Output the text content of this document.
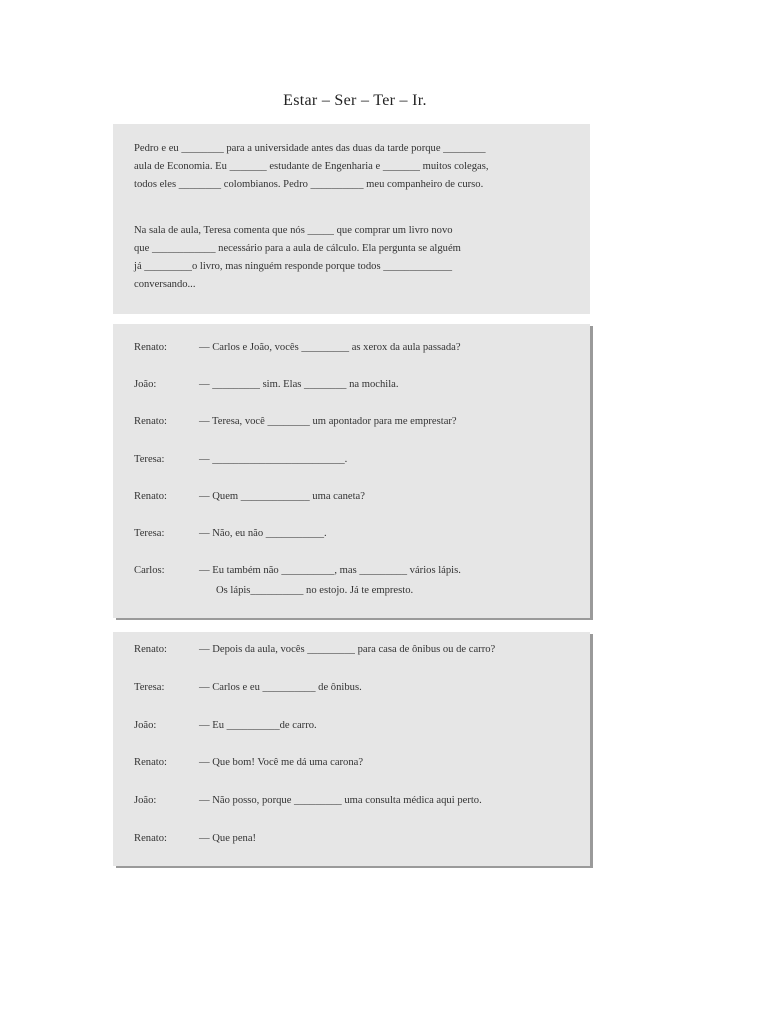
Estar – Ser – Ter – Ir.
Pedro e eu ________ para a universidade antes das duas da tarde porque ________
aula de Economia. Eu _______ estudante de Engenharia e _______ muitos colegas,
todos eles ________ colombianos. Pedro __________ meu companheiro de curso.
Na sala de aula, Teresa comenta que nós _____ que comprar um livro novo
que ____________ necessário para a aula de cálculo. Ela pergunta se alguém
já _________o livro, mas ninguém responde porque todos _____________
conversando...
Renato:	— Carlos e João, vocês _________ as xerox da aula passada?
João:	— _________ sim. Elas ________ na mochila.
Renato:	— Teresa, você ________ um apontador para me emprestar?
Teresa:	— _________________________.
Renato:	— Quem _____________ uma caneta?
Teresa:	— Não, eu não ___________.
Carlos:	— Eu também não __________, mas _________ vários lápis.
Os lápis__________ no estojo. Já te empresto.
Renato:	— Depois da aula, vocês _________ para casa de ônibus ou de carro?
Teresa:	— Carlos e eu __________ de ônibus.
João:	— Eu __________de carro.
Renato:	— Que bom! Você me dá uma carona?
João:	— Não posso, porque _________ uma consulta médica aqui perto.
Renato:	— Que pena!
